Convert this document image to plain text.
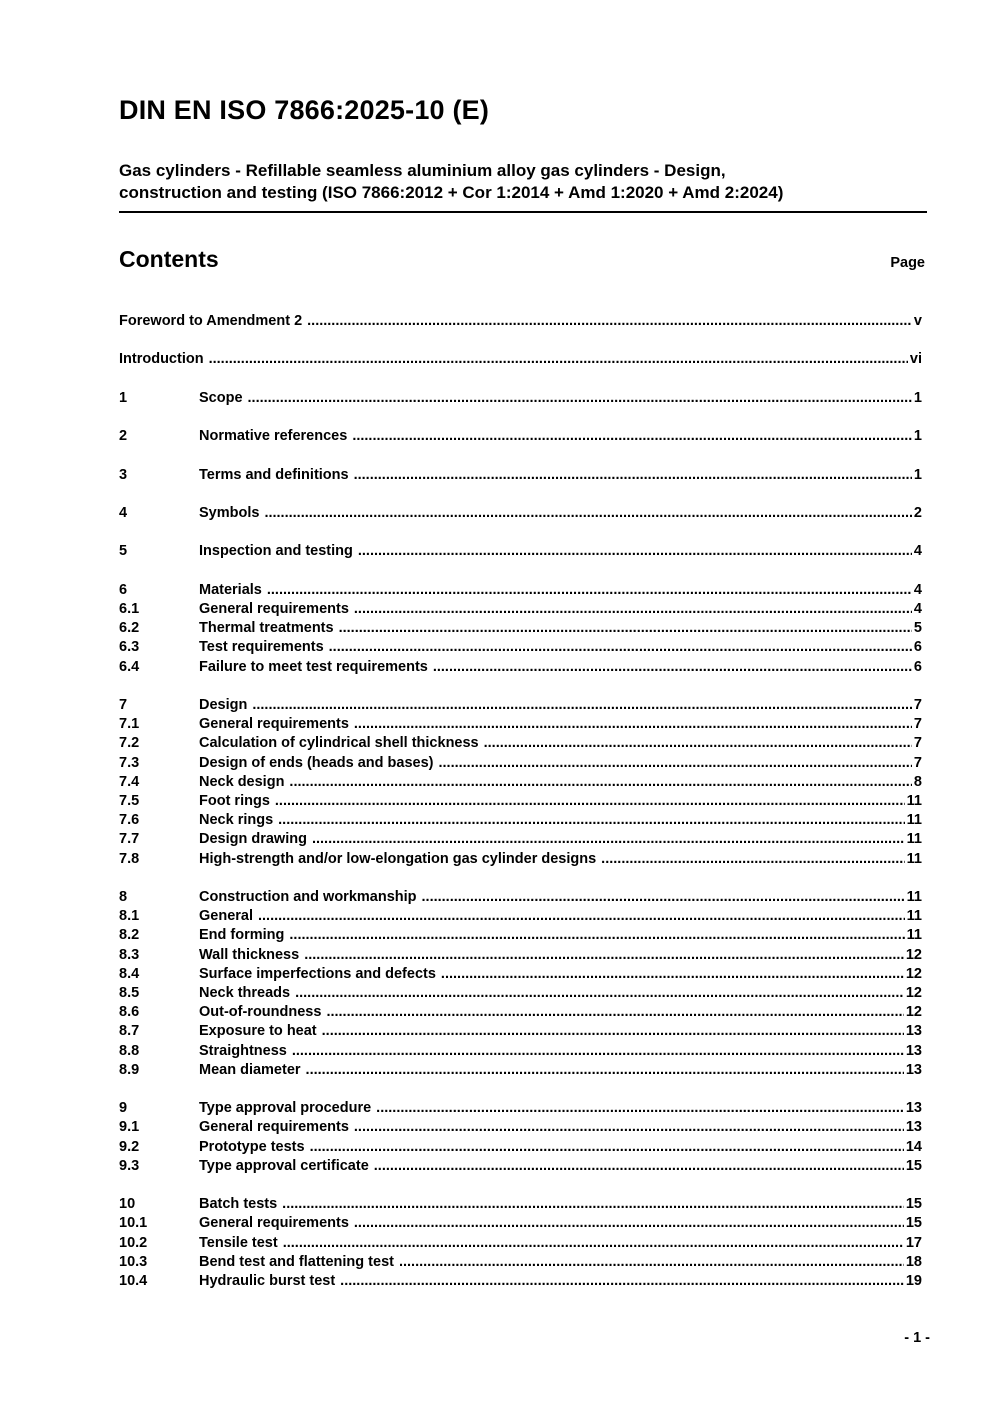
DIN EN ISO 7866:2025-10 (E)
Gas cylinders - Refillable seamless aluminium alloy gas cylinders - Design,
construction and testing (ISO 7866:2012 + Cor 1:2014 + Amd 1:2020 + Amd 2:2024)
Contents	Page
Foreword to Amendment 2 .....	v
Introduction .....	vi
1	Scope .....	1
2	Normative references .....	1
3	Terms and definitions .....	1
4	Symbols .....	2
5	Inspection and testing .....	4
6	Materials .....	4
6.1	General requirements .....	4
6.2	Thermal treatments .....	5
6.3	Test requirements .....	6
6.4	Failure to meet test requirements .....	6
7	Design .....	7
7.1	General requirements .....	7
7.2	Calculation of cylindrical shell thickness .....	7
7.3	Design of ends (heads and bases) .....	7
7.4	Neck design .....	8
7.5	Foot rings .....	11
7.6	Neck rings .....	11
7.7	Design drawing .....	11
7.8	High-strength and/or low-elongation gas cylinder designs .....	11
8	Construction and workmanship .....	11
8.1	General .....	11
8.2	End forming .....	11
8.3	Wall thickness .....	12
8.4	Surface imperfections and defects .....	12
8.5	Neck threads .....	12
8.6	Out-of-roundness .....	12
8.7	Exposure to heat .....	13
8.8	Straightness .....	13
8.9	Mean diameter .....	13
9	Type approval procedure .....	13
9.1	General requirements .....	13
9.2	Prototype tests .....	14
9.3	Type approval certificate .....	15
10	Batch tests .....	15
10.1	General requirements .....	15
10.2	Tensile test .....	17
10.3	Bend test and flattening test .....	18
10.4	Hydraulic burst test .....	19
- 1 -
